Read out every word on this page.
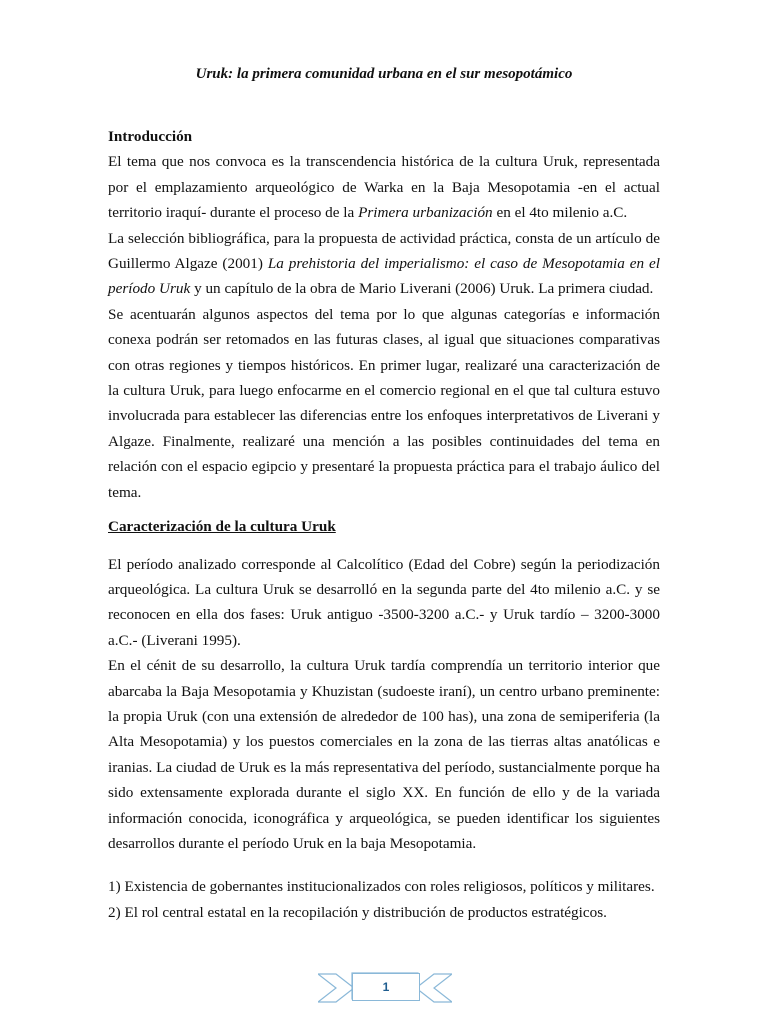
Uruk: la primera comunidad urbana en el sur mesopotámico

Introducción

El tema que nos convoca es la transcendencia histórica de la cultura Uruk, representada por el emplazamiento arqueológico de Warka en la Baja Mesopotamia -en el actual territorio iraquí- durante el proceso de la Primera urbanización en el 4to milenio a.C.

La selección bibliográfica, para la propuesta de actividad práctica, consta de un artículo de Guillermo Algaze (2001) La prehistoria del imperialismo: el caso de Mesopotamia en el período Uruk y un capítulo de la obra de Mario Liverani (2006) Uruk. La primera ciudad.

Se acentuarán algunos aspectos del tema por lo que algunas categorías e información conexa podrán ser retomados en las futuras clases, al igual que situaciones comparativas con otras regiones y tiempos históricos. En primer lugar, realizaré una caracterización de la cultura Uruk, para luego enfocarme en el comercio regional en el que tal cultura estuvo involucrada para establecer las diferencias entre los enfoques interpretativos de Liverani y Algaze. Finalmente, realizaré una mención a las posibles continuidades del tema en relación con el espacio egipcio y presentaré la propuesta práctica para el trabajo áulico del tema.

Caracterización de la cultura Uruk

El período analizado corresponde al Calcolítico (Edad del Cobre) según la periodización arqueológica. La cultura Uruk se desarrolló en la segunda parte del 4to milenio a.C. y se reconocen en ella dos fases: Uruk antiguo -3500-3200 a.C.- y Uruk tardío – 3200-3000 a.C.- (Liverani 1995).

En el cénit de su desarrollo, la cultura Uruk tardía comprendía un territorio interior que abarcaba la Baja Mesopotamia y Khuzistan (sudoeste iraní), un centro urbano preminente: la propia Uruk (con una extensión de alrededor de 100 has), una zona de semiperiferia (la Alta Mesopotamia) y los puestos comerciales en la zona de las tierras altas anatólicas e iranias. La ciudad de Uruk es la más representativa del período, sustancialmente porque ha sido extensamente explorada durante el siglo XX. En función de ello y de la variada información conocida, iconográfica y arqueológica, se pueden identificar los siguientes desarrollos durante el período Uruk en la baja Mesopotamia.

1) Existencia de gobernantes institucionalizados con roles religiosos, políticos y militares.

2) El rol central estatal en la recopilación y distribución de productos estratégicos.

1
